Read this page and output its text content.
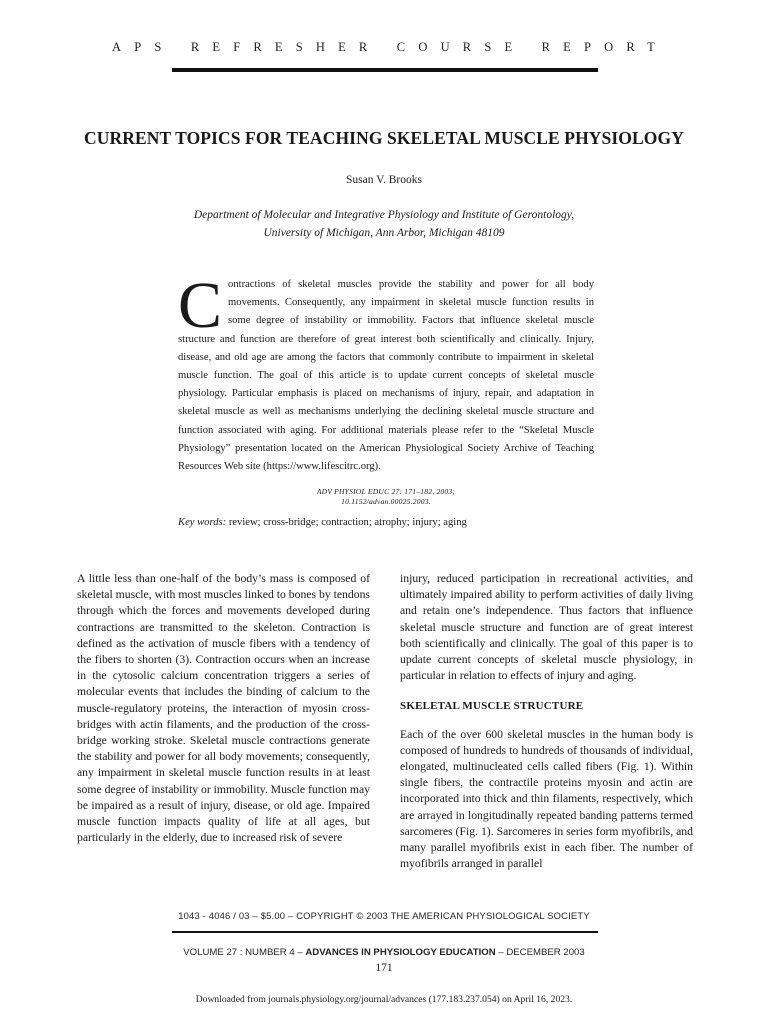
APS REFRESHER COURSE REPORT
CURRENT TOPICS FOR TEACHING SKELETAL MUSCLE PHYSIOLOGY
Susan V. Brooks
Department of Molecular and Integrative Physiology and Institute of Gerontology,
University of Michigan, Ann Arbor, Michigan 48109
C ontractions of skeletal muscles provide the stability and power for all body movements. Consequently, any impairment in skeletal muscle function results in some degree of instability or immobility. Factors that influence skeletal muscle structure and function are therefore of great interest both scientifically and clinically. Injury, disease, and old age are among the factors that commonly contribute to impairment in skeletal muscle function. The goal of this article is to update current concepts of skeletal muscle physiology. Particular emphasis is placed on mechanisms of injury, repair, and adaptation in skeletal muscle as well as mechanisms underlying the declining skeletal muscle structure and function associated with aging. For additional materials please refer to the “Skeletal Muscle Physiology” presentation located on the American Physiological Society Archive of Teaching Resources Web site (https://www.lifescitrc.org).
ADV PHYSIOL EDUC 27: 171–182, 2003;
10.1152/advan.00025.2003.
Key words: review; cross-bridge; contraction; atrophy; injury; aging

A little less than one-half of the body’s mass is composed of skeletal muscle, with most muscles linked to bones by tendons through which the forces and movements developed during contractions are transmitted to the skeleton. Contraction is defined as the activation of muscle fibers with a tendency of the fibers to shorten (3). Contraction occurs when an increase in the cytosolic calcium concentration triggers a series of molecular events that includes the binding of calcium to the muscle-regulatory proteins, the interaction of myosin cross-bridges with actin filaments, and the production of the cross-bridge working stroke. Skeletal muscle contractions generate the stability and power for all body movements; consequently, any impairment in skeletal muscle function results in at least some degree of instability or immobility. Muscle function may be impaired as a result of injury, disease, or old age. Impaired muscle function impacts quality of life at all ages, but particularly in the elderly, due to increased risk of severe

injury, reduced participation in recreational activities, and ultimately impaired ability to perform activities of daily living and retain one’s independence. Thus factors that influence skeletal muscle structure and function are of great interest both scientifically and clinically. The goal of this paper is to update current concepts of skeletal muscle physiology, in particular in relation to effects of injury and aging.

SKELETAL MUSCLE STRUCTURE

Each of the over 600 skeletal muscles in the human body is composed of hundreds to hundreds of thousands of individual, elongated, multinucleated cells called fibers (Fig. 1). Within single fibers, the contractile proteins myosin and actin are incorporated into thick and thin filaments, respectively, which are arrayed in longitudinally repeated banding patterns termed sarcomeres (Fig. 1). Sarcomeres in series form myofibrils, and many parallel myofibrils exist in each fiber. The number of myofibrils arranged in parallel

1043 - 4046 / 03 – $5.00 – COPYRIGHT © 2003 THE AMERICAN PHYSIOLOGICAL SOCIETY
VOLUME 27 : NUMBER 4 – ADVANCES IN PHYSIOLOGY EDUCATION – DECEMBER 2003
171
Downloaded from journals.physiology.org/journal/advances (177.183.237.054) on April 16, 2023.
